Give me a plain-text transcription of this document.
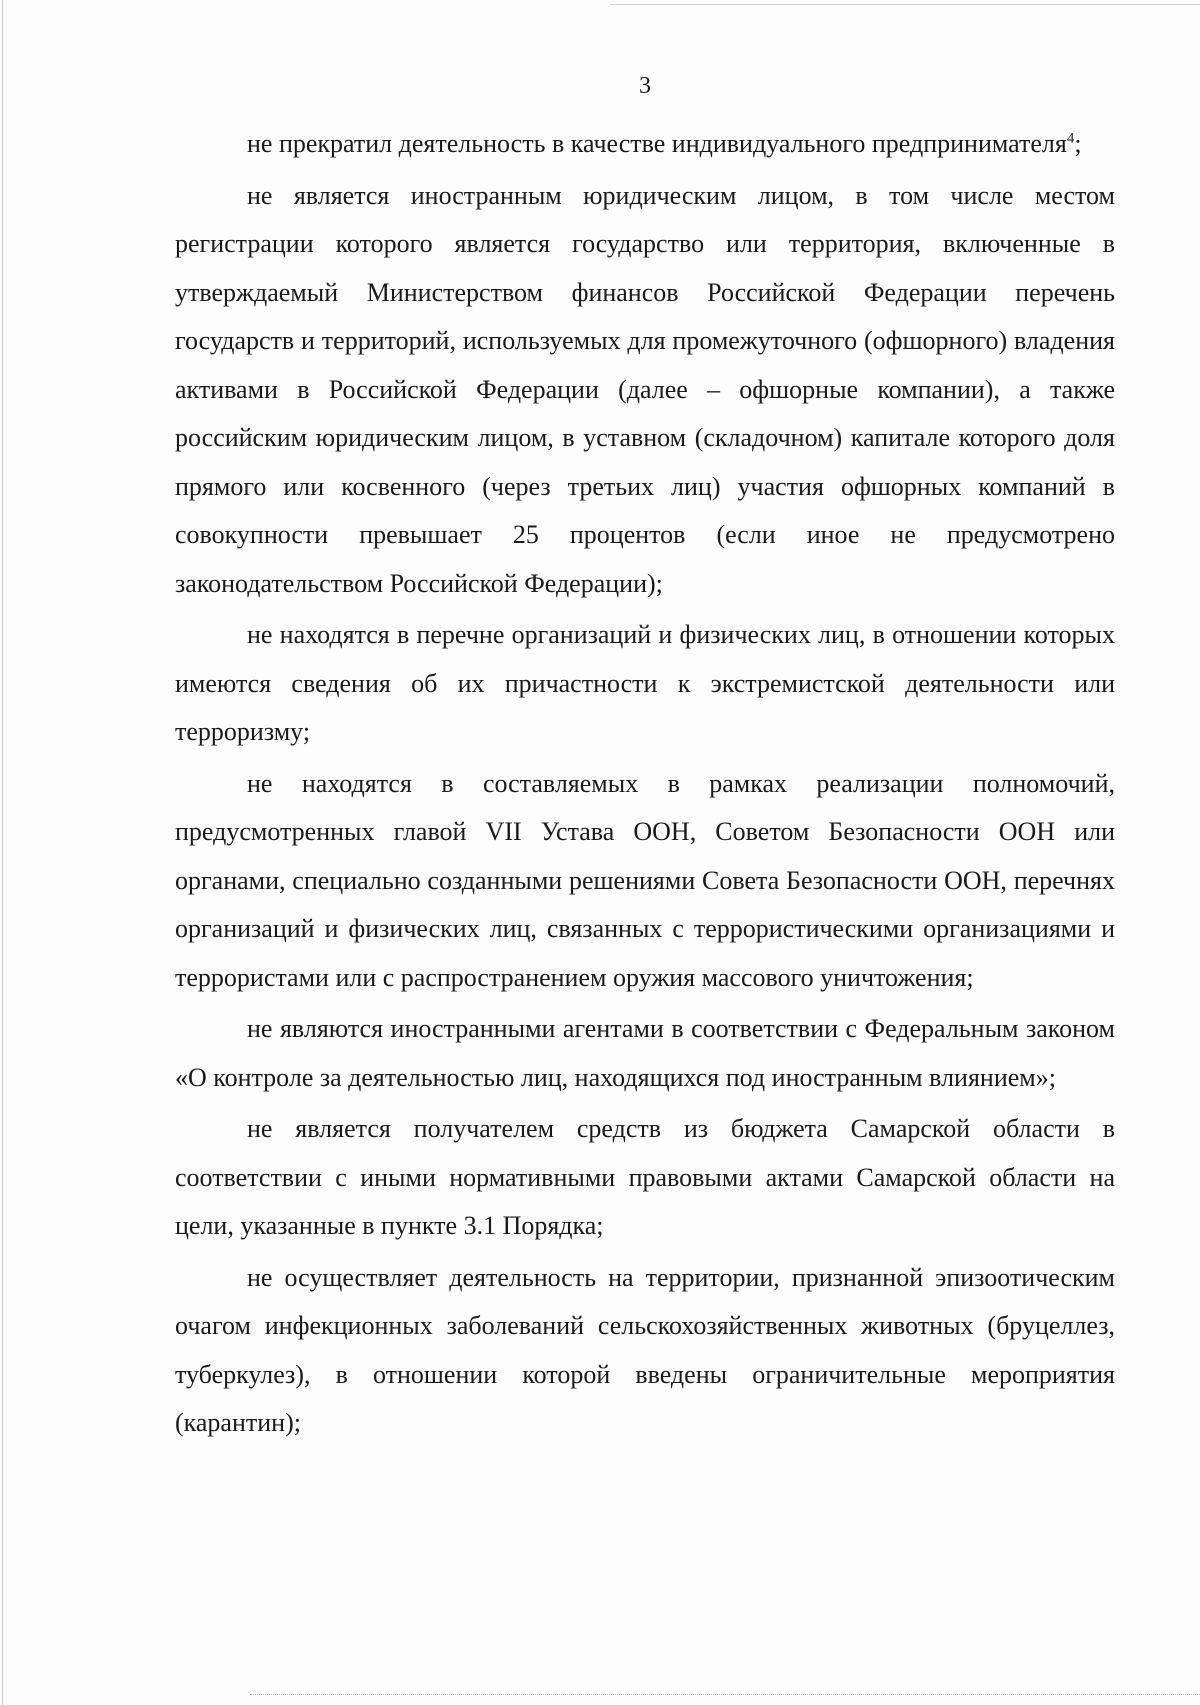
3

не прекратил деятельность в качестве индивидуального предпринимателя$^4$;

не является иностранным юридическим лицом, в том числе местом регистрации которого является государство или территория, включенные в утверждаемый Министерством финансов Российской Федерации перечень государств и территорий, используемых для промежуточного (офшорного) владения активами в Российской Федерации (далее – офшорные компании), а также российским юридическим лицом, в уставном (складочном) капитале которого доля прямого или косвенного (через третьих лиц) участия офшорных компаний в совокупности превышает 25 процентов (если иное не предусмотрено законодательством Российской Федерации);

не находятся в перечне организаций и физических лиц, в отношении которых имеются сведения об их причастности к экстремистской деятельности или терроризму;

не находятся в составляемых в рамках реализации полномочий, предусмотренных главой VII Устава ООН, Советом Безопасности ООН или органами, специально созданными решениями Совета Безопасности ООН, перечнях организаций и физических лиц, связанных с террористическими организациями и террористами или с распространением оружия массового уничтожения;

не являются иностранными агентами в соответствии с Федеральным законом «О контроле за деятельностью лиц, находящихся под иностранным влиянием»;

не является получателем средств из бюджета Самарской области в соответствии с иными нормативными правовыми актами Самарской области на цели, указанные в пункте 3.1 Порядка;

не осуществляет деятельность на территории, признанной эпизоотическим очагом инфекционных заболеваний сельскохозяйственных животных (бруцеллез, туберкулез), в отношении которой введены ограничительные мероприятия (карантин);
